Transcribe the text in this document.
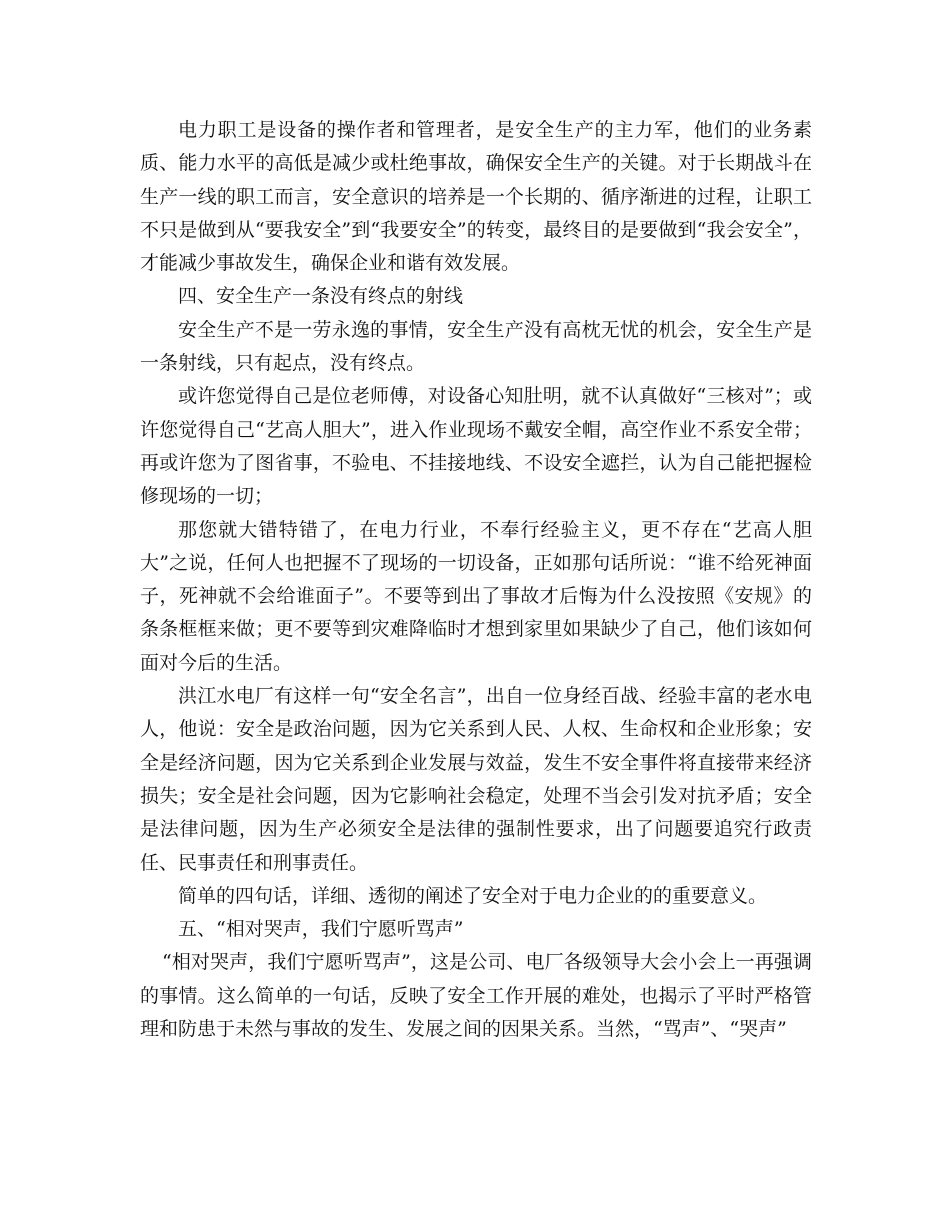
电力职工是设备的操作者和管理者，是安全生产的主力军，他们的业务素质、能力水平的高低是减少或杜绝事故，确保安全生产的关键。对于长期战斗在生产一线的职工而言，安全意识的培养是一个长期的、循序渐进的过程，让职工不只是做到从“要我安全”到“我要安全”的转变，最终目的是要做到“我会安全”，才能减少事故发生，确保企业和谐有效发展。

四、安全生产一条没有终点的射线

安全生产不是一劳永逸的事情，安全生产没有高枕无忧的机会，安全生产是一条射线，只有起点，没有终点。

或许您觉得自己是位老师傅，对设备心知肚明，就不认真做好“三核对”；或许您觉得自己“艺高人胆大”，进入作业现场不戴安全帽，高空作业不系安全带；再或许您为了图省事，不验电、不挂接地线、不设安全遮拦，认为自己能把握检修现场的一切；

那您就大错特错了，在电力行业，不奉行经验主义，更不存在“艺高人胆大”之说，任何人也把握不了现场的一切设备，正如那句话所说：“谁不给死神面子，死神就不会给谁面子”。不要等到出了事故才后悔为什么没按照《安规》的条条框框来做；更不要等到灾难降临时才想到家里如果缺少了自己，他们该如何面对今后的生活。

洪江水电厂有这样一句“安全名言”，出自一位身经百战、经验丰富的老水电人，他说：安全是政治问题，因为它关系到人民、人权、生命权和企业形象；安全是经济问题，因为它关系到企业发展与效益，发生不安全事件将直接带来经济损失；安全是社会问题，因为它影响社会稳定，处理不当会引发对抗矛盾；安全是法律问题，因为生产必须安全是法律的强制性要求，出了问题要追究行政责任、民事责任和刑事责任。

简单的四句话，详细、透彻的阐述了安全对于电力企业的的重要意义。

五、“相对哭声，我们宁愿听骂声”

“相对哭声，我们宁愿听骂声”，这是公司、电厂各级领导大会小会上一再强调的事情。这么简单的一句话，反映了安全工作开展的难处，也揭示了平时严格管理和防患于未然与事故的发生、发展之间的因果关系。当然，“骂声”、“哭声”
